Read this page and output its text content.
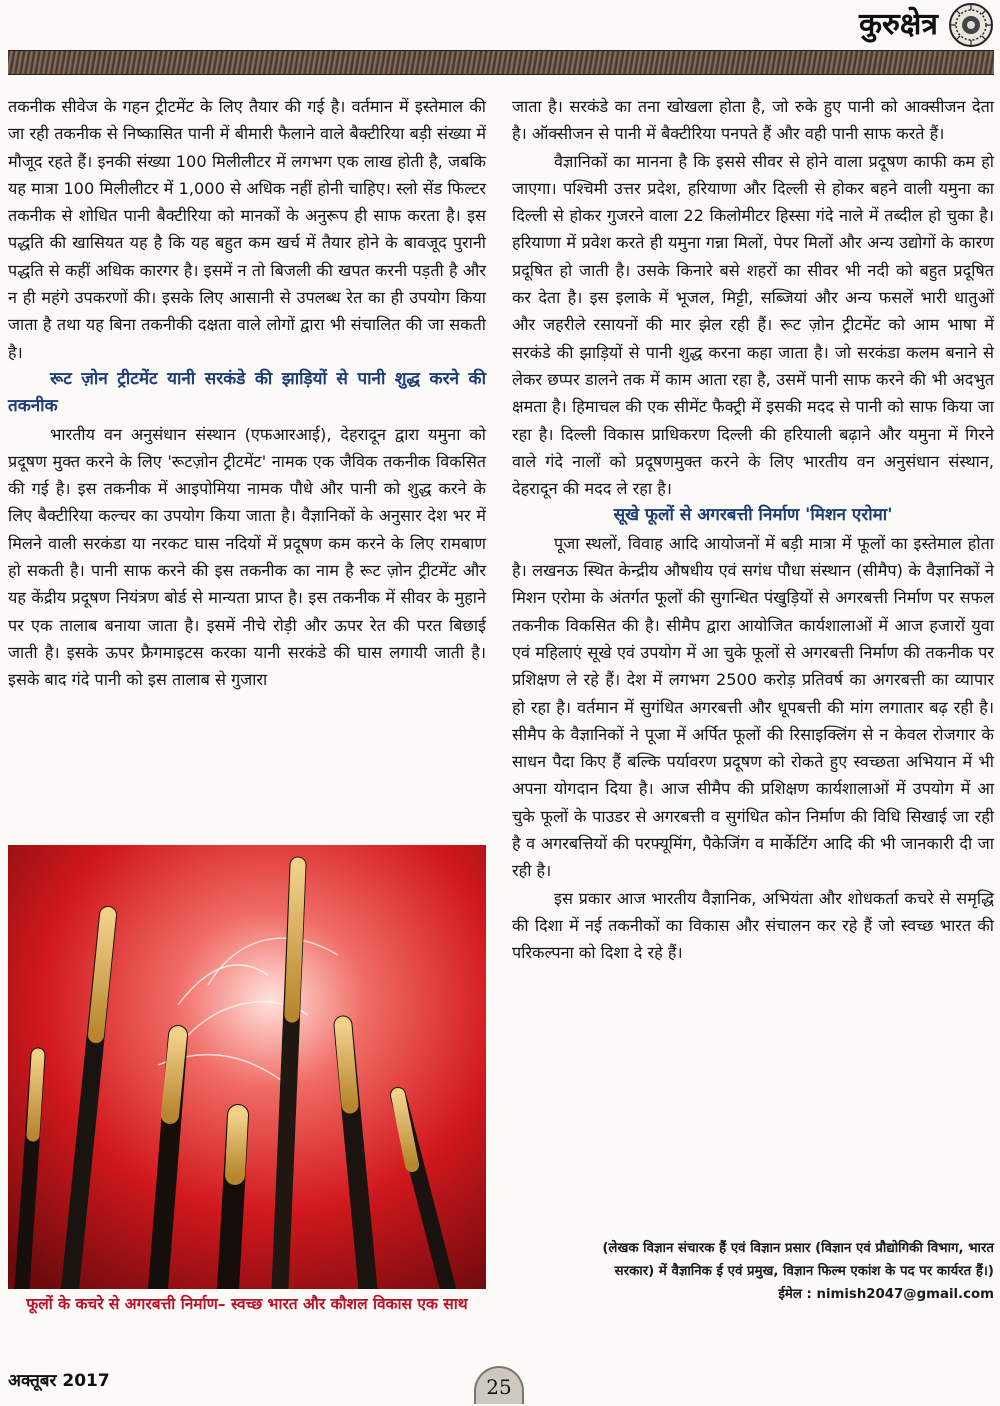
कुरुक्षेत्र

तकनीक सीवेज के गहन ट्रीटमेंट के लिए तैयार की गई है। वर्तमान में इस्तेमाल की जा रही तकनीक से निष्कासित पानी में बीमारी फैलाने वाले बैक्टीरिया बड़ी संख्या में मौजूद रहते हैं। इनकी संख्या 100 मिलीलीटर में लगभग एक लाख होती है, जबकि यह मात्रा 100 मिलीलीटर में 1,000 से अधिक नहीं होनी चाहिए। स्लो सेंड फिल्टर तकनीक से शोधित पानी बैक्टीरिया को मानकों के अनुरूप ही साफ करता है। इस पद्धति की खासियत यह है कि यह बहुत कम खर्च में तैयार होने के बावजूद पुरानी पद्धति से कहीं अधिक कारगर है। इसमें न तो बिजली की खपत करनी पड़ती है और न ही महंगे उपकरणों की। इसके लिए आसानी से उपलब्ध रेत का ही उपयोग किया जाता है तथा यह बिना तकनीकी दक्षता वाले लोगों द्वारा भी संचालित की जा सकती है।

रूट ज़ोन ट्रीटमेंट यानी सरकंडे की झाड़ियों से पानी शुद्ध करने की तकनीक

भारतीय वन अनुसंधान संस्थान (एफआरआई), देहरादून द्वारा यमुना को प्रदूषण मुक्त करने के लिए 'रूटज़ोन ट्रीटमेंट' नामक एक जैविक तकनीक विकसित की गई है। इस तकनीक में आइपोमिया नामक पौधे और पानी को शुद्ध करने के लिए बैक्टीरिया कल्चर का उपयोग किया जाता है। वैज्ञानिकों के अनुसार देश भर में मिलने वाली सरकंडा या नरकट घास नदियों में प्रदूषण कम करने के लिए रामबाण हो सकती है। पानी साफ करने की इस तकनीक का नाम है रूट ज़ोन ट्रीटमेंट और यह केंद्रीय प्रदूषण नियंत्रण बोर्ड से मान्यता प्राप्त है। इस तकनीक में सीवर के मुहाने पर एक तालाब बनाया जाता है। इसमें नीचे रोड़ी और ऊपर रेत की परत बिछाई जाती है। इसके ऊपर फ्रैगमाइटस करका यानी सरकंडे की घास लगायी जाती है। इसके बाद गंदे पानी को इस तालाब से गुजारा

फूलों के कचरे से अगरबत्ती निर्माण– स्वच्छ भारत और कौशल विकास एक साथ

जाता है। सरकंडे का तना खोखला होता है, जो रुके हुए पानी को आक्सीजन देता है। ऑक्सीजन से पानी में बैक्टीरिया पनपते हैं और वही पानी साफ करते हैं।

वैज्ञानिकों का मानना है कि इससे सीवर से होने वाला प्रदूषण काफी कम हो जाएगा। पश्चिमी उत्तर प्रदेश, हरियाणा और दिल्ली से होकर बहने वाली यमुना का दिल्ली से होकर गुजरने वाला 22 किलोमीटर हिस्सा गंदे नाले में तब्दील हो चुका है। हरियाणा में प्रवेश करते ही यमुना गन्ना मिलों, पेपर मिलों और अन्य उद्योगों के कारण प्रदूषित हो जाती है। उसके किनारे बसे शहरों का सीवर भी नदी को बहुत प्रदूषित कर देता है। इस इलाके में भूजल, मिट्टी, सब्जियां और अन्य फसलें भारी धातुओं और जहरीले रसायनों की मार झेल रही हैं। रूट ज़ोन ट्रीटमेंट को आम भाषा में सरकंडे की झाड़ियों से पानी शुद्ध करना कहा जाता है। जो सरकंडा कलम बनाने से लेकर छप्पर डालने तक में काम आता रहा है, उसमें पानी साफ करने की भी अदभुत क्षमता है। हिमाचल की एक सीमेंट फैक्ट्री में इसकी मदद से पानी को साफ किया जा रहा है। दिल्ली विकास प्राधिकरण दिल्ली की हरियाली बढ़ाने और यमुना में गिरने वाले गंदे नालों को प्रदूषणमुक्त करने के लिए भारतीय वन अनुसंधान संस्थान, देहरादून की मदद ले रहा है।

सूखे फूलों से अगरबत्ती निर्माण 'मिशन एरोमा'

पूजा स्थलों, विवाह आदि आयोजनों में बड़ी मात्रा में फूलों का इस्तेमाल होता है। लखनऊ स्थित केन्द्रीय औषधीय एवं सगंध पौधा संस्थान (सीमैप) के वैज्ञानिकों ने मिशन एरोमा के अंतर्गत फूलों की सुगन्धित पंखुड़ियों से अगरबत्ती निर्माण पर सफल तकनीक विकसित की है। सीमैप द्वारा आयोजित कार्यशालाओं में आज हजारों युवा एवं महिलाएं सूखे एवं उपयोग में आ चुके फूलों से अगरबत्ती निर्माण की तकनीक पर प्रशिक्षण ले रहे हैं। देश में लगभग 2500 करोड़ प्रतिवर्ष का अगरबत्ती का व्यापार हो रहा है। वर्तमान में सुगंधित अगरबत्ती और धूपबत्ती की मांग लगातार बढ़ रही है। सीमैप के वैज्ञानिकों ने पूजा में अर्पित फूलों की रिसाइक्लिंग से न केवल रोजगार के साधन पैदा किए हैं बल्कि पर्यावरण प्रदूषण को रोकते हुए स्वच्छता अभियान में भी अपना योगदान दिया है। आज सीमैप की प्रशिक्षण कार्यशालाओं में उपयोग में आ चुके फूलों के पाउडर से अगरबत्ती व सुगंधित कोन निर्माण की विधि सिखाई जा रही है व अगरबत्तियों की परफ्यूमिंग, पैकेजिंग व मार्केटिंग आदि की भी जानकारी दी जा रही है।

इस प्रकार आज भारतीय वैज्ञानिक, अभियंता और शोधकर्ता कचरे से समृद्धि की दिशा में नई तकनीकों का विकास और संचालन कर रहे हैं जो स्वच्छ भारत की परिकल्पना को दिशा दे रहे हैं।

(लेखक विज्ञान संचारक हैं एवं विज्ञान प्रसार (विज्ञान एवं प्रौद्योगिकी विभाग, भारत सरकार) में वैज्ञानिक ई एवं प्रमुख, विज्ञान फिल्म एकांश के पद पर कार्यरत हैं।)

ईमेल : nimish2047@gmail.com

अक्तूबर 2017	25
